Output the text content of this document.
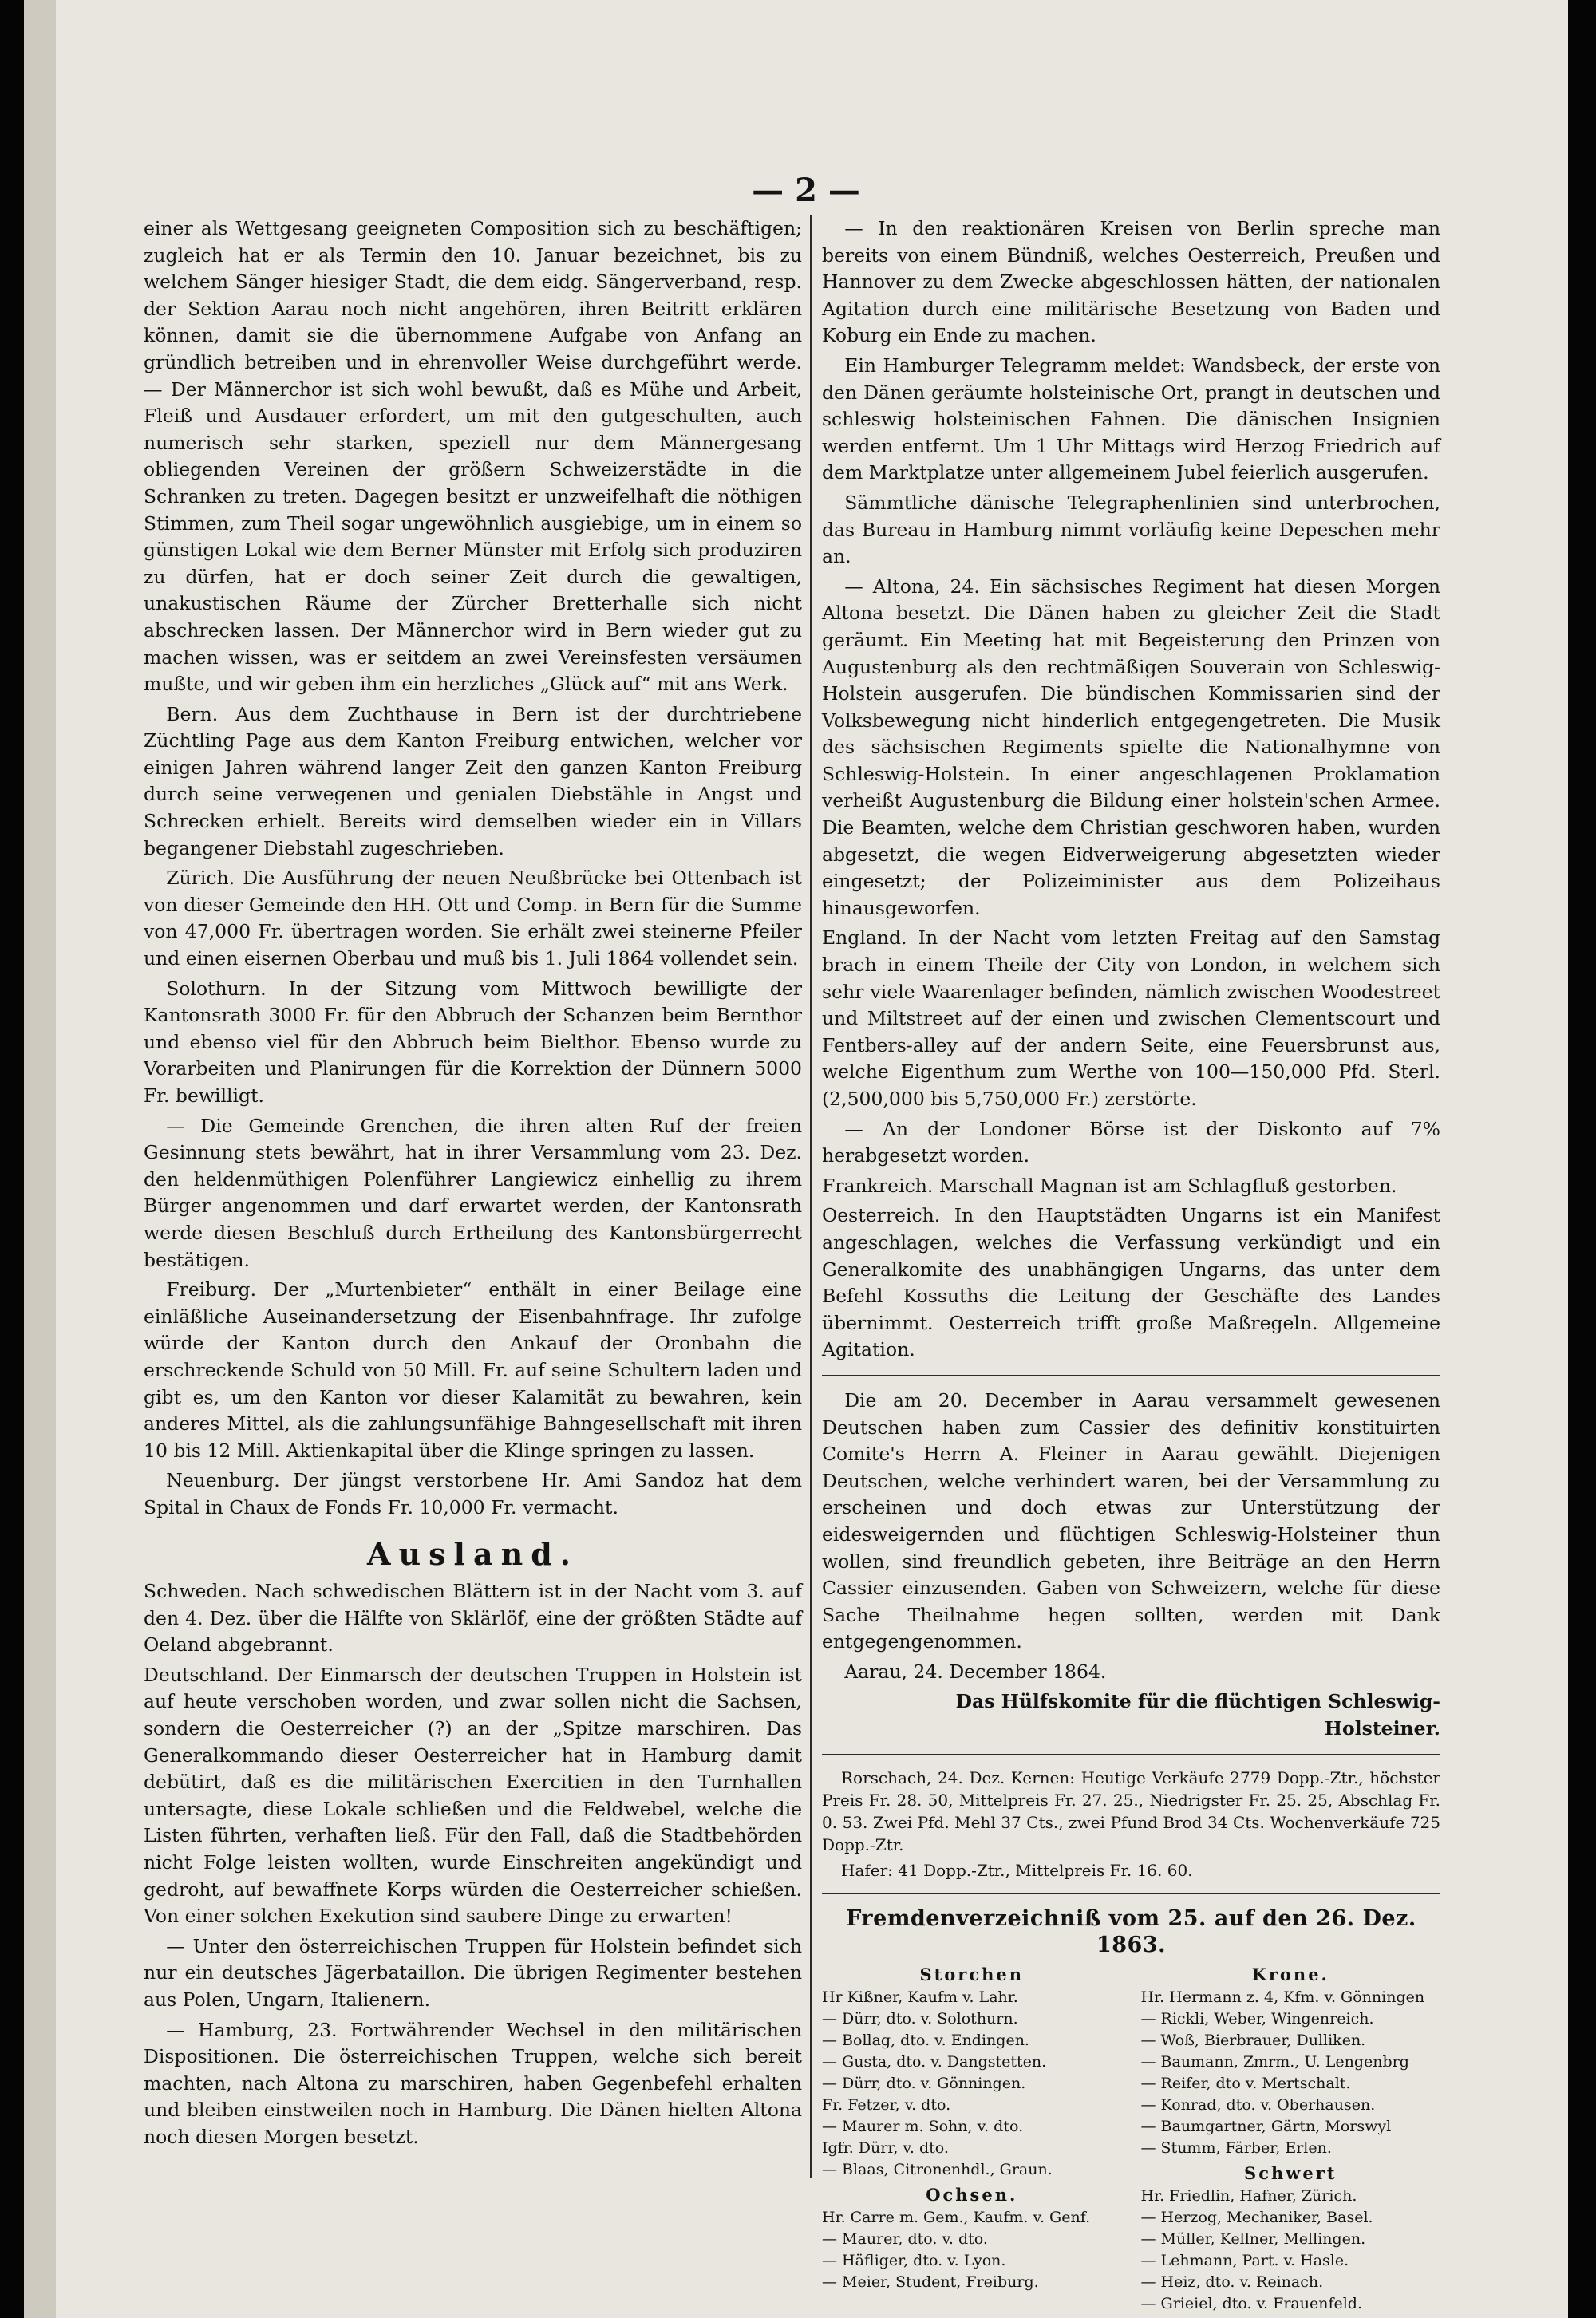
— 2 —

einer als Wettgesang geeigneten Composition sich zu beschäftigen; zugleich hat er als Termin den 10. Januar bezeichnet, bis zu welchem Sänger hiesiger Stadt, die dem eidg. Sängerverband, resp. der Sektion Aarau noch nicht angehören, ihren Beitritt erklären können, damit sie die übernommene Aufgabe von Anfang an gründlich betreiben und in ehrenvoller Weise durchgeführt werde. — Der Männerchor ist sich wohl bewußt, daß es Mühe und Arbeit, Fleiß und Ausdauer erfordert, um mit den gutgeschulten, auch numerisch sehr starken, speziell nur dem Männergesang obliegenden Vereinen der größern Schweizerstädte in die Schranken zu treten. Dagegen besitzt er unzweifelhaft die nöthigen Stimmen, zum Theil sogar ungewöhnlich ausgiebige, um in einem so günstigen Lokal wie dem Berner Münster mit Erfolg sich produziren zu dürfen, hat er doch seiner Zeit durch die gewaltigen, unakustischen Räume der Zürcher Bretterhalle sich nicht abschrecken lassen. Der Männerchor wird in Bern wieder gut zu machen wissen, was er seitdem an zwei Vereinsfesten versäumen mußte, und wir geben ihm ein herzliches „Glück auf“ mit ans Werk.

Bern. Aus dem Zuchthause in Bern ist der durchtriebene Züchtling Page aus dem Kanton Freiburg entwichen, welcher vor einigen Jahren während langer Zeit den ganzen Kanton Freiburg durch seine verwegenen und genialen Diebstähle in Angst und Schrecken erhielt. Bereits wird demselben wieder ein in Villars begangener Diebstahl zugeschrieben.

Zürich. Die Ausführung der neuen Neußbrücke bei Ottenbach ist von dieser Gemeinde den HH. Ott und Comp. in Bern für die Summe von 47,000 Fr. übertragen worden. Sie erhält zwei steinerne Pfeiler und einen eisernen Oberbau und muß bis 1. Juli 1864 vollendet sein.

Solothurn. In der Sitzung vom Mittwoch bewilligte der Kantonsrath 3000 Fr. für den Abbruch der Schanzen beim Bernthor und ebenso viel für den Abbruch beim Bielthor. Ebenso wurde zu Vorarbeiten und Planirungen für die Korrektion der Dünnern 5000 Fr. bewilligt.

— Die Gemeinde Grenchen, die ihren alten Ruf der freien Gesinnung stets bewährt, hat in ihrer Versammlung vom 23. Dez. den heldenmüthigen Polenführer Langiewicz einhellig zu ihrem Bürger angenommen und darf erwartet werden, der Kantonsrath werde diesen Beschluß durch Ertheilung des Kantonsbürgerrecht bestätigen.

Freiburg. Der „Murtenbieter“ enthält in einer Beilage eine einläßliche Auseinandersetzung der Eisenbahnfrage. Ihr zufolge würde der Kanton durch den Ankauf der Oronbahn die erschreckende Schuld von 50 Mill. Fr. auf seine Schultern laden und gibt es, um den Kanton vor dieser Kalamität zu bewahren, kein anderes Mittel, als die zahlungsunfähige Bahngesellschaft mit ihren 10 bis 12 Mill. Aktienkapital über die Klinge springen zu lassen.

Neuenburg. Der jüngst verstorbene Hr. Ami Sandoz hat dem Spital in Chaux de Fonds Fr. 10,000 Fr. vermacht.

Ausland.

Schweden. Nach schwedischen Blättern ist in der Nacht vom 3. auf den 4. Dez. über die Hälfte von Sklärlöf, eine der größten Städte auf Oeland abgebrannt.

Deutschland. Der Einmarsch der deutschen Truppen in Holstein ist auf heute verschoben worden, und zwar sollen nicht die Sachsen, sondern die Oesterreicher (?) an der „Spitze marschiren. Das Generalkommando dieser Oesterreicher hat in Hamburg damit debütirt, daß es die militärischen Exercitien in den Turnhallen untersagte, diese Lokale schließen und die Feldwebel, welche die Listen führten, verhaften ließ. Für den Fall, daß die Stadtbehörden nicht Folge leisten wollten, wurde Einschreiten angekündigt und gedroht, auf bewaffnete Korps würden die Oesterreicher schießen. Von einer solchen Exekution sind saubere Dinge zu erwarten!

— Unter den österreichischen Truppen für Holstein befindet sich nur ein deutsches Jägerbataillon. Die übrigen Regimenter bestehen aus Polen, Ungarn, Italienern.

— Hamburg, 23. Fortwährender Wechsel in den militärischen Dispositionen. Die österreichischen Truppen, welche sich bereit machten, nach Altona zu marschiren, haben Gegenbefehl erhalten und bleiben einstweilen noch in Hamburg. Die Dänen hielten Altona noch diesen Morgen besetzt.

— In den reaktionären Kreisen von Berlin spreche man bereits von einem Bündniß, welches Oesterreich, Preußen und Hannover zu dem Zwecke abgeschlossen hätten, der nationalen Agitation durch eine militärische Besetzung von Baden und Koburg ein Ende zu machen.

Ein Hamburger Telegramm meldet: Wandsbeck, der erste von den Dänen geräumte holsteinische Ort, prangt in deutschen und schleswig holsteinischen Fahnen. Die dänischen Insignien werden entfernt. Um 1 Uhr Mittags wird Herzog Friedrich auf dem Marktplatze unter allgemeinem Jubel feierlich ausgerufen.

Sämmtliche dänische Telegraphenlinien sind unterbrochen, das Bureau in Hamburg nimmt vorläufig keine Depeschen mehr an.

— Altona, 24. Ein sächsisches Regiment hat diesen Morgen Altona besetzt. Die Dänen haben zu gleicher Zeit die Stadt geräumt. Ein Meeting hat mit Begeisterung den Prinzen von Augustenburg als den rechtmäßigen Souverain von Schleswig-Holstein ausgerufen. Die bündischen Kommissarien sind der Volksbewegung nicht hinderlich entgegengetreten. Die Musik des sächsischen Regiments spielte die Nationalhymne von Schleswig-Holstein. In einer angeschlagenen Proklamation verheißt Augustenburg die Bildung einer holstein'schen Armee. Die Beamten, welche dem Christian geschworen haben, wurden abgesetzt, die wegen Eidverweigerung abgesetzten wieder eingesetzt; der Polizeiminister aus dem Polizeihaus hinausgeworfen.

England. In der Nacht vom letzten Freitag auf den Samstag brach in einem Theile der City von London, in welchem sich sehr viele Waarenlager befinden, nämlich zwischen Woodestreet und Miltstreet auf der einen und zwischen Clementscourt und Fentbers-alley auf der andern Seite, eine Feuersbrunst aus, welche Eigenthum zum Werthe von 100—150,000 Pfd. Sterl. (2,500,000 bis 5,750,000 Fr.) zerstörte.

— An der Londoner Börse ist der Diskonto auf 7% herabgesetzt worden.

Frankreich. Marschall Magnan ist am Schlagfluß gestorben.

Oesterreich. In den Hauptstädten Ungarns ist ein Manifest angeschlagen, welches die Verfassung verkündigt und ein Generalkomite des unabhängigen Ungarns, das unter dem Befehl Kossuths die Leitung der Geschäfte des Landes übernimmt. Oesterreich trifft große Maßregeln. Allgemeine Agitation.

Die am 20. December in Aarau versammelt gewesenen Deutschen haben zum Cassier des definitiv konstituirten Comite's Herrn A. Fleiner in Aarau gewählt. Diejenigen Deutschen, welche verhindert waren, bei der Versammlung zu erscheinen und doch etwas zur Unterstützung der eidesweigernden und flüchtigen Schleswig-Holsteiner thun wollen, sind freundlich gebeten, ihre Beiträge an den Herrn Cassier einzusenden. Gaben von Schweizern, welche für diese Sache Theilnahme hegen sollten, werden mit Dank entgegengenommen.

Aarau, 24. December 1864.

Das Hülfskomite für die flüchtigen Schleswig-Holsteiner.

Rorschach, 24. Dez. Kernen: Heutige Verkäufe 2779 Dopp.-Ztr., höchster Preis Fr. 28. 50, Mittelpreis Fr. 27. 25., Niedrigster Fr. 25. 25, Abschlag Fr. 0. 53. Zwei Pfd. Mehl 37 Cts., zwei Pfund Brod 34 Cts. Wochenverkäufe 725 Dopp.-Ztr.

Hafer: 41 Dopp.-Ztr., Mittelpreis Fr. 16. 60.

Fremdenverzeichniß vom 25. auf den 26. Dez. 1863.
Storchen
Hr Kißner, Kaufm v. Lahr.
— Dürr, dto. v. Solothurn.
— Bollag, dto. v. Endingen.
— Gusta, dto. v. Dangstetten.
— Dürr, dto. v. Gönningen.
Fr. Fetzer, v. dto.
— Maurer m. Sohn, v. dto.
Igfr. Dürr, v. dto.
— Blaas, Citronenhdl., Graun.
Ochsen.
Hr. Carre m. Gem., Kaufm. v. Genf.
— Maurer, dto. v. dto.
— Häfliger, dto. v. Lyon.
— Meier, Student, Freiburg.
Krone.
Hr. Hermann z. 4, Kfm. v. Gönningen
— Rickli, Weber, Wingenreich.
— Woß, Bierbrauer, Dulliken.
— Baumann, Zmrm., U. Lengenbrg
— Reifer, dto v. Mertschalt.
— Konrad, dto. v. Oberhausen.
— Baumgartner, Gärtn, Morswyl
— Stumm, Färber, Erlen.
Schwert
Hr. Friedlin, Hafner, Zürich.
— Herzog, Mechaniker, Basel.
— Müller, Kellner, Mellingen.
— Lehmann, Part. v. Hasle.
— Heiz, dto. v. Reinach.
— Grieiel, dto. v. Frauenfeld.
